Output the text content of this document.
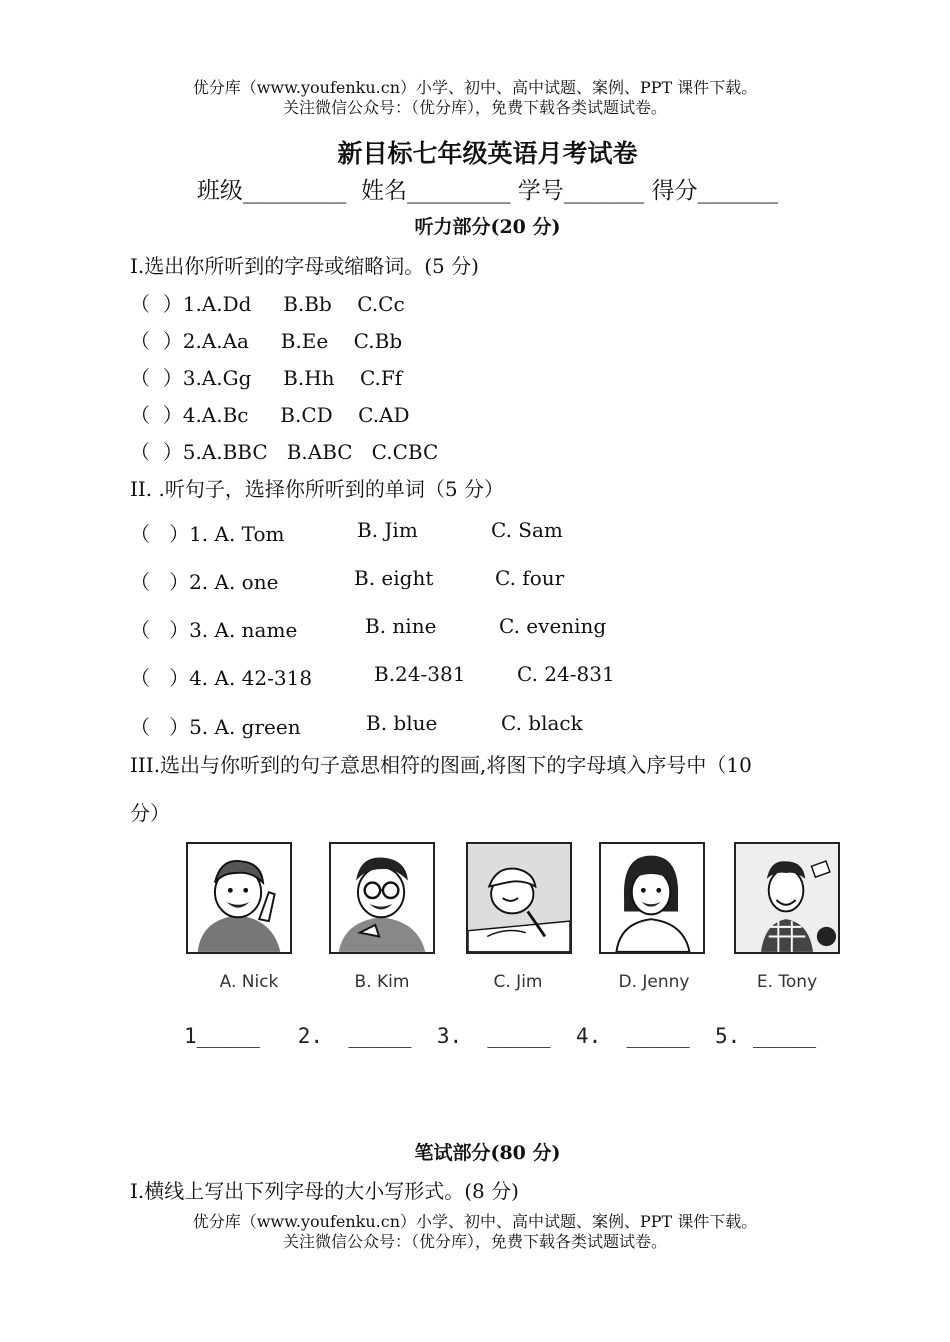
优分库（www.youfenku.cn）小学、初中、高中试题、案例、PPT 课件下载。
关注微信公众号：（优分库），免费下载各类试题试卷。
新目标七年级英语月考试卷
班级_________  姓名_________ 学号_______ 得分_______
听力部分(20 分)
I.选出你所听到的字母或缩略词。(5 分)
（  ）1.A.Dd     B.Bb    C.Cc
（  ）2.A.Aa     B.Ee    C.Bb
（  ）3.A.Gg     B.Hh    C.Ff
（  ）4.A.Bc     B.CD    C.AD
（  ）5.A.BBC   B.ABC   C.CBC
II. .听句子，选择你所听到的单词（5 分）
（   ）1. A. Tom	B. Jim	C. Sam
（   ）2. A. one	B. eight	C. four
（   ）3. A. name	B. nine	C. evening
（   ）4. A. 42-318	B.24-381	C. 24-831
（   ）5. A. green	B. blue	C. black
III.选出与你听到的句子意思相符的图画,将图下的字母填入序号中（10
分）
A. Nick	B. Kim	C. Jim	D. Jenny	E. Tony
1_____   2.  _____  3.  _____  4.  _____  5. _____
笔试部分(80 分)
I.横线上写出下列字母的大小写形式。(8 分)
优分库（www.youfenku.cn）小学、初中、高中试题、案例、PPT 课件下载。
关注微信公众号：（优分库），免费下载各类试题试卷。
